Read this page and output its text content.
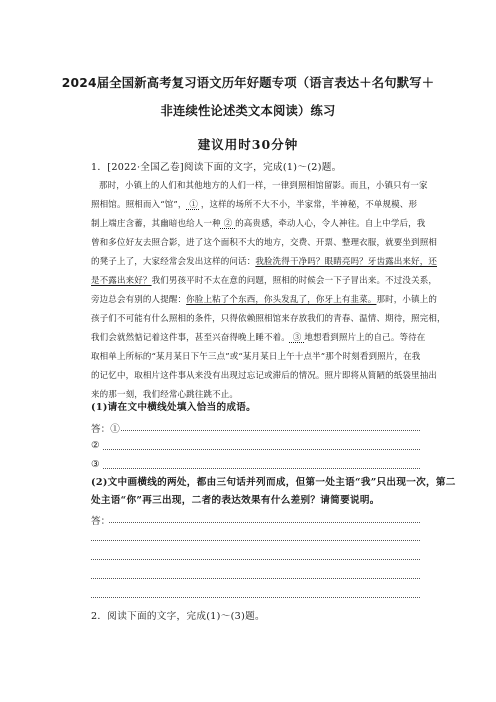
2024届全国新高考复习语文历年好题专项（语言表达＋名句默写＋
非连续性论述类文本阅读）练习
建议用时30分钟
1．[2022·全国乙卷]阅读下面的文字，完成(1)～(2)题。
那时，小镇上的人们和其他地方的人们一样，一律到照相馆留影。而且，小镇只有一家
照相馆。照相而入“馆”， ① ，这样的场所不大不小，半家常，半神秘，不单规模、形
制上端庄含蓄，其幽暗也给人一种 ② 的高贵感，牵动人心，令人神往。自上中学后，我
曾和多位好友去照合影，进了这个面积不大的地方，交费、开票、整理衣服，就要坐到照相
的凳子上了，大家经常会发出这样的问话：我脸洗得干净吗？眼睛亮吗？牙齿露出来好，还
是不露出来好？我们男孩平时不太在意的问题，照相的时候会一下子冒出来。不过没关系，
旁边总会有别的人提醒：你脸上粘了个东西，你头发乱了，你牙上有韭菜。那时，小镇上的
孩子们不可能有什么照相的条件，只得依赖照相馆来存放我们的青春、温情、期待，照完相，
我们会就然惦记着这件事，甚至兴奋得晚上睡不着。 ③ 地想看到照片上的自己。等待在
取相单上所标的“某月某日下午三点”或“某月某日上午十点半”那个时刻看到照片，在我
的记忆中，取相片这件事从来没有出现过忘记或滞后的情况。照片即将从简陋的纸袋里抽出
来的那一刻，我们经常心跳往跳不止。
(1)请在文中横线处填入恰当的成语。
答：①
②
③
(2)文中画横线的两处，都由三句话并列而成，但第一处主语“我”只出现一次，第二
处主语“你”再三出现，二者的表达效果有什么差别？请简要说明。
答：
2．阅读下面的文字，完成(1)～(3)题。
